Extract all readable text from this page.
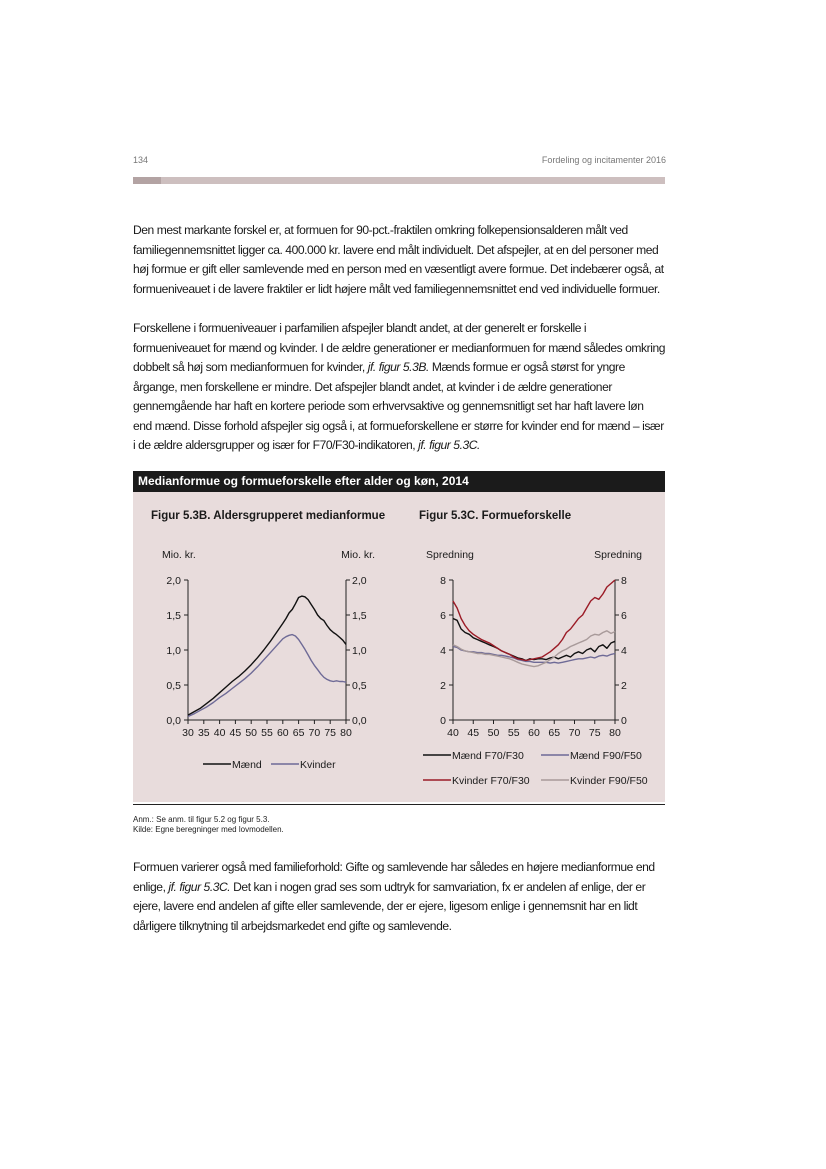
134	Fordeling og incitamenter 2016

Den mest markante forskel er, at formuen for 90-pct.-fraktilen omkring folkepensionsalderen målt ved familiegennemsnittet ligger ca. 400.000 kr. lavere end målt individuelt. Det afspejler, at en del personer med høj formue er gift eller samlevende med en person med en væsentligt avere formue. Det indebærer også, at formueniveauet i de lavere fraktiler er lidt højere målt ved familiegennemsnittet end ved individuelle formuer.

Forskellene i formueniveauer i parfamilien afspejler blandt andet, at der generelt er forskelle i formueniveauet for mænd og kvinder. I de ældre generationer er medianformuen for mænd således omkring dobbelt så høj som medianformuen for kvinder, jf. figur 5.3B. Mænds formue er også størst for yngre årgange, men forskellene er mindre. Det afspejler blandt andet, at kvinder i de ældre generationer gennemgående har haft en kortere periode som erhvervsaktive og gennemsnitligt set har haft lavere løn end mænd. Disse forhold afspejler sig også i, at formueforskellene er større for kvinder end for mænd – især i de ældre aldersgrupper og især for F70/F30-indikatoren, jf. figur 5.3C.

Medianformue og formueforskelle efter alder og køn, 2014
Figur 5.3B. Aldersgrupperet medianformue
Mio. kr.	Mio. kr.
0,0	0,0
0,5	0,5
1,0	1,0
1,5	1,5
2,0	2,0
30 35 40 45 50 55 60 65 70 75 80
Mænd	Kvinder
Figur 5.3C. Formueforskelle
Spredning	Spredning
0	0
2	2
4	4
6	6
8	8
40 45 50 55 60 65 70 75 80
Mænd F70/F30	Mænd F90/F50
Kvinder F70/F30	Kvinder F90/F50
Anm.: Se anm. til figur 5.2 og figur 5.3.
Kilde: Egne beregninger med lovmodellen.

Formuen varierer også med familieforhold: Gifte og samlevende har således en højere medianformue end enlige, jf. figur 5.3C. Det kan i nogen grad ses som udtryk for samvariation, fx er andelen af enlige, der er ejere, lavere end andelen af gifte eller samlevende, der er ejere, ligesom enlige i gennemsnit har en lidt dårligere tilknytning til arbejdsmarkedet end gifte og samlevende.
